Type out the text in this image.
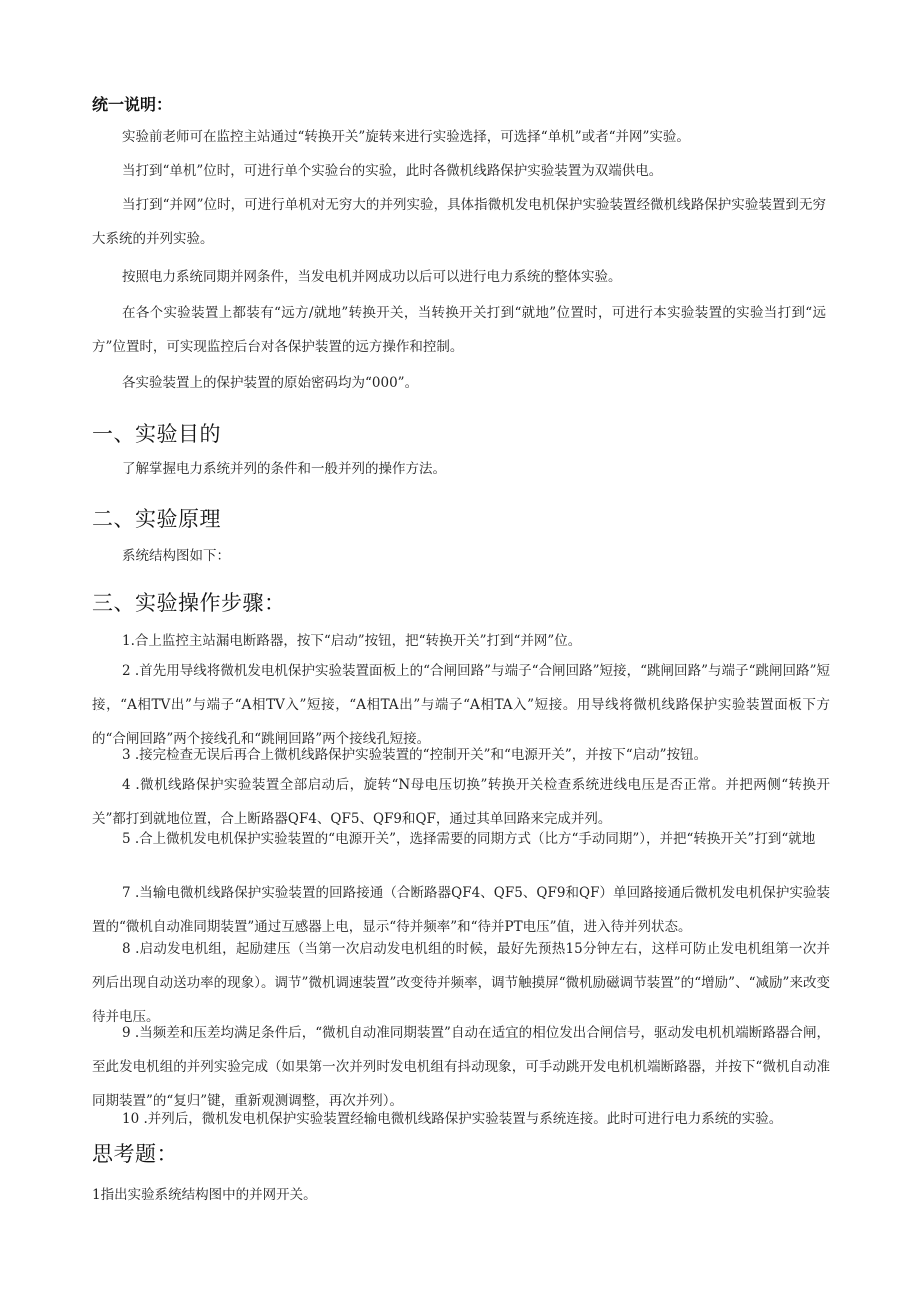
统一说明：

实验前老师可在监控主站通过“转换开关”旋转来进行实验选择，可选择“单机”或者“并网”实验。

当打到“单机”位时，可进行单个实验台的实验，此时各微机线路保护实验装置为双端供电。

当打到“并网”位时，可进行单机对无穷大的并列实验，具体指微机发电机保护实验装置经微机线路保护实验装置到无穷大系统的并列实验。

按照电力系统同期并网条件，当发电机并网成功以后可以进行电力系统的整体实验。

在各个实验装置上都装有“远方/就地”转换开关，当转换开关打到“就地”位置时，可进行本实验装置的实验当打到“远方”位置时，可实现监控后台对各保护装置的远方操作和控制。

各实验装置上的保护装置的原始密码均为“000”。

一、实验目的

了解掌握电力系统并列的条件和一般并列的操作方法。

二、实验原理

系统结构图如下：

三、实验操作步骤：

1.合上监控主站漏电断路器，按下“启动”按钮，把“转换开关”打到“并网”位。

2 .首先用导线将微机发电机保护实验装置面板上的“合闸回路”与端子“合闸回路”短接，“跳闸回路”与端子“跳闸回路”短接，“A相TV出”与端子“A相TV入”短接，“A相TA出”与端子“A相TA入”短接。用导线将微机线路保护实验装置面板下方的“合闸回路”两个接线孔和“跳闸回路”两个接线孔短接。

3 .接完检查无误后再合上微机线路保护实验装置的“控制开关”和“电源开关”，并按下“启动”按钮。

4 .微机线路保护实验装置全部启动后，旋转“N母电压切换”转换开关检查系统进线电压是否正常。并把两侧“转换开关”都打到就地位置，合上断路器QF4、QF5、QF9和QF，通过其单回路来完成并列。

5 .合上微机发电机保护实验装置的“电源开关”，选择需要的同期方式（比方“手动同期”），并把“转换开关”打到“就地

7 .当输电微机线路保护实验装置的回路接通（合断路器QF4、QF5、QF9和QF）单回路接通后微机发电机保护实验装置的“微机自动准同期装置”通过互感器上电，显示“待并频率”和“待并PT电压”值，进入待并列状态。

8 .启动发电机组，起励建压（当第一次启动发电机组的时候，最好先预热15分钟左右，这样可防止发电机组第一次并列后出现自动送功率的现象）。调节”微机调速装置”改变待并频率，调节触摸屏“微机励磁调节装置”的“增励”、“减励”来改变待并电压。

9 .当频差和压差均满足条件后，“微机自动准同期装置”自动在适宜的相位发出合闸信号，驱动发电机机端断路器合闸，至此发电机组的并列实验完成（如果第一次并列时发电机组有抖动现象，可手动跳开发电机机端断路器，并按下“微机自动准同期装置”的“复归”键，重新观测调整，再次并列）。

10 .并列后，微机发电机保护实验装置经输电微机线路保护实验装置与系统连接。此时可进行电力系统的实验。

思考题：

1指出实验系统结构图中的并网开关。
